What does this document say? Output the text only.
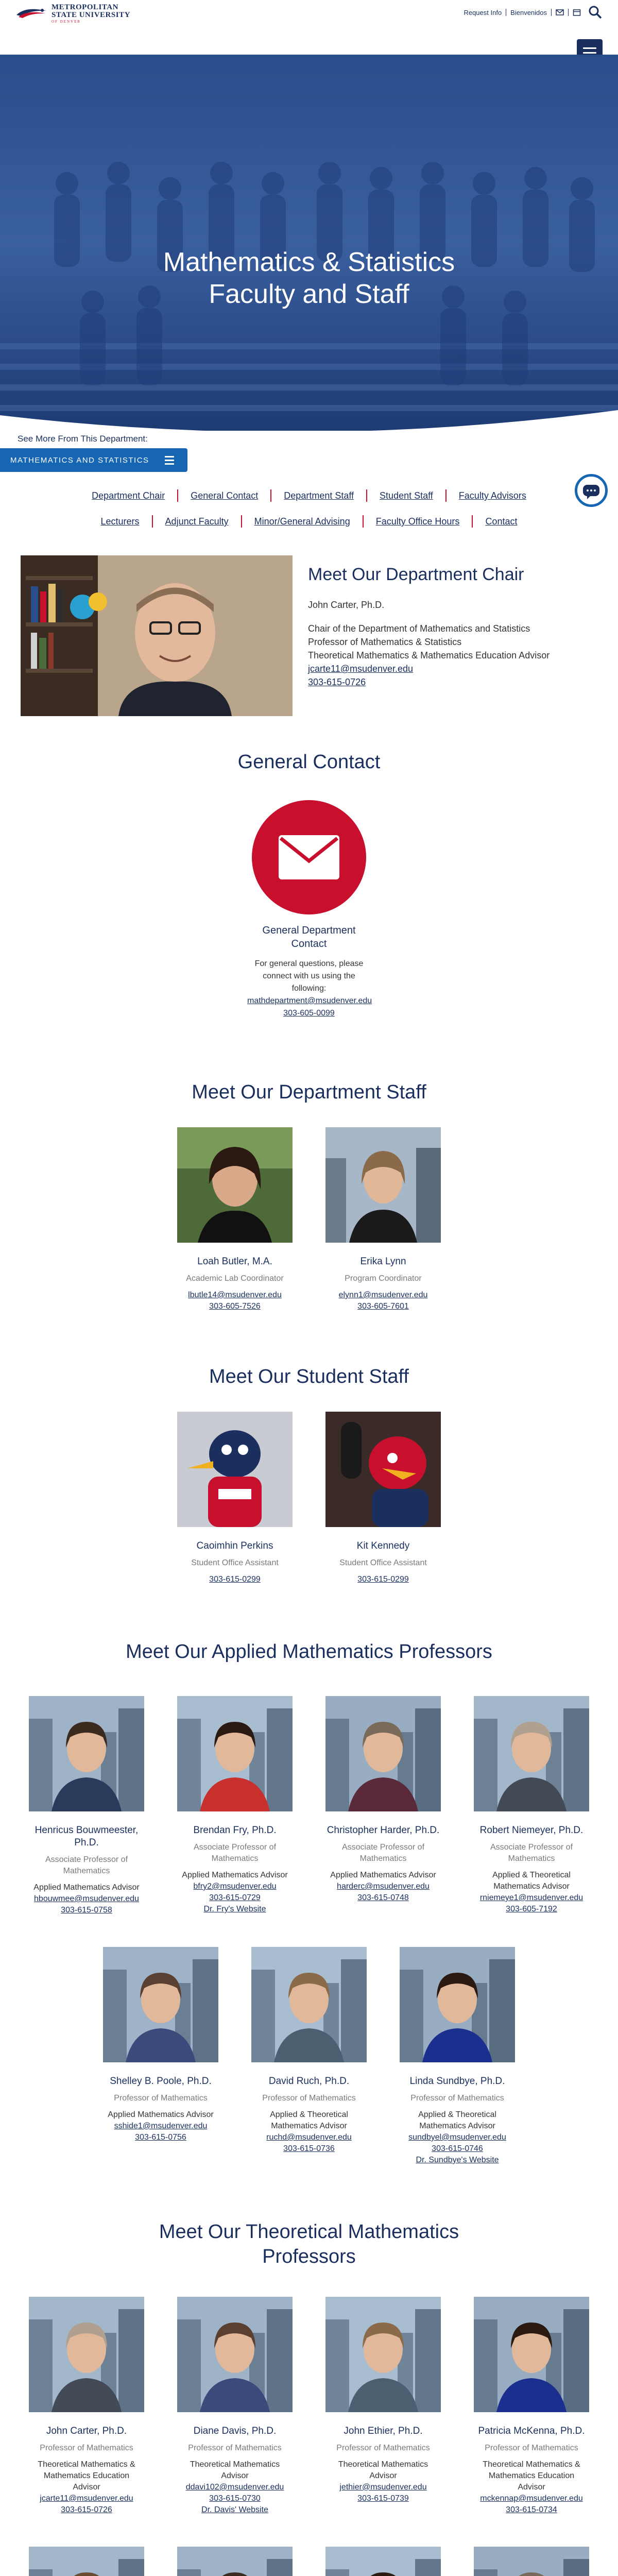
METROPOLITAN
STATE UNIVERSITY
OF DENVER
Request Info Bienvenidos
Mathematics & Statistics
Faculty and Staff
See More From This Department:
MATHEMATICS AND STATISTICS
Department Chair	General Contact	Department Staff	Student Staff	Faculty Advisors
Lecturers	Adjunct Faculty	Minor/General Advising	Faculty Office Hours	Contact
Meet Our Department Chair

John Carter, Ph.D.

Chair of the Department of Mathematics and Statistics

Professor of Mathematics & Statistics

Theoretical Mathematics & Mathematics Education Advisor

jcarte11@msudenver.edu

303-615-0726

General Contact
General Department Contact
For general questions, please connect with us using the following:
mathdepartment@msudenver.edu
303-605-0099
Meet Our Department Staff
Loah Butler, M.A.
Academic Lab Coordinator
lbutle14@msudenver.edu
303-605-7526
Erika Lynn
Program Coordinator
elynn1@msudenver.edu
303-605-7601
Meet Our Student Staff
Caoimhin Perkins
Student Office Assistant
303-615-0299
Kit Kennedy
Student Office Assistant
303-615-0299
Meet Our Applied Mathematics Professors
Henricus Bouwmeester, Ph.D.
Associate Professor of Mathematics
Applied Mathematics Advisor
hbouwmee@msudenver.edu
303-615-0758
Brendan Fry, Ph.D.
Associate Professor of Mathematics
Applied Mathematics Advisor
bfry2@msudenver.edu
303-615-0729
Dr. Fry's Website
Christopher Harder, Ph.D.
Associate Professor of Mathematics
Applied Mathematics Advisor
harderc@msudenver.edu
303-615-0748
Robert Niemeyer, Ph.D.
Associate Professor of Mathematics
Applied & Theoretical Mathematics Advisor
rniemeye1@msudenver.edu
303-605-7192
Shelley B. Poole, Ph.D.
Professor of Mathematics
Applied Mathematics Advisor
sshide1@msudenver.edu
303-615-0756
David Ruch, Ph.D.
Professor of Mathematics
Applied & Theoretical Mathematics Advisor
ruchd@msudenver.edu
303-615-0736
Linda Sundbye, Ph.D.
Professor of Mathematics
Applied & Theoretical Mathematics Advisor
sundbyel@msudenver.edu
303-615-0746
Dr. Sundbye's Website
Meet Our Theoretical Mathematics Professors
John Carter, Ph.D.
Professor of Mathematics
Theoretical Mathematics & Mathematics Education Advisor
jcarte11@msudenver.edu
303-615-0726
Diane Davis, Ph.D.
Professor of Mathematics
Theoretical Mathematics Advisor
ddavi102@msudenver.edu
303-615-0730
Dr. Davis' Website
John Ethier, Ph.D.
Professor of Mathematics
Theoretical Mathematics Advisor
jethier@msudenver.edu
303-615-0739
Patricia McKenna, Ph.D.
Professor of Mathematics
Theoretical Mathematics & Mathematics Education Advisor
mckennap@msudenver.edu
303-615-0734
